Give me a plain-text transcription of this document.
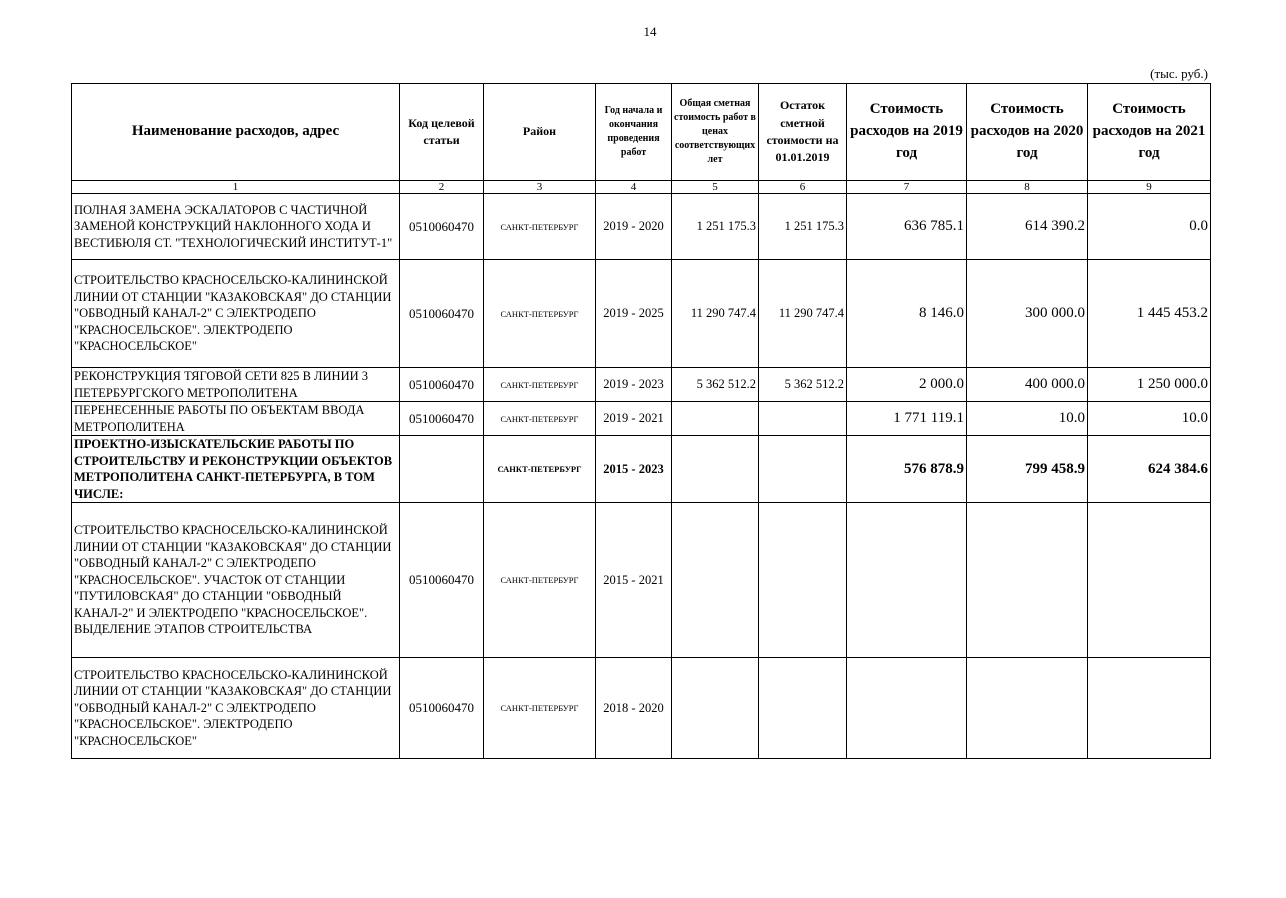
14
(тыс. руб.)
Наименование расходов, адрес	Код целевой статьи	Район	Год начала и окончания проведения работ	Общая сметная стоимость работ в ценах соответствующих лет	Остаток сметной стоимости на 01.01.2019	Стоимость расходов на 2019 год	Стоимость расходов на 2020 год	Стоимость расходов на 2021 год
1	2	3	4	5	6	7	8	9
ПОЛНАЯ ЗАМЕНА ЭСКАЛАТОРОВ С ЧАСТИЧНОЙ ЗАМЕНОЙ КОНСТРУКЦИЙ НАКЛОННОГО ХОДА И ВЕСТИБЮЛЯ СТ. "ТЕХНОЛОГИЧЕСКИЙ ИНСТИТУТ-1"	0510060470	САНКТ-ПЕТЕРБУРГ	2019 - 2020	1 251 175.3	1 251 175.3	636 785.1	614 390.2	0.0
СТРОИТЕЛЬСТВО КРАСНОСЕЛЬСКО-КАЛИНИНСКОЙ ЛИНИИ ОТ СТАНЦИИ "КАЗАКОВСКАЯ" ДО СТАНЦИИ "ОБВОДНЫЙ КАНАЛ-2" С ЭЛЕКТРОДЕПО "КРАСНОСЕЛЬСКОЕ". ЭЛЕКТРОДЕПО "КРАСНОСЕЛЬСКОЕ"	0510060470	САНКТ-ПЕТЕРБУРГ	2019 - 2025	11 290 747.4	11 290 747.4	8 146.0	300 000.0	1 445 453.2
РЕКОНСТРУКЦИЯ ТЯГОВОЙ СЕТИ 825 В ЛИНИИ 3 ПЕТЕРБУРГСКОГО МЕТРОПОЛИТЕНА	0510060470	САНКТ-ПЕТЕРБУРГ	2019 - 2023	5 362 512.2	5 362 512.2	2 000.0	400 000.0	1 250 000.0
ПЕРЕНЕСЕННЫЕ РАБОТЫ ПО ОБЪЕКТАМ ВВОДА МЕТРОПОЛИТЕНА	0510060470	САНКТ-ПЕТЕРБУРГ	2019 - 2021			1 771 119.1	10.0	10.0
ПРОЕКТНО-ИЗЫСКАТЕЛЬСКИЕ РАБОТЫ ПО СТРОИТЕЛЬСТВУ И РЕКОНСТРУКЦИИ ОБЪЕКТОВ МЕТРОПОЛИТЕНА САНКТ-ПЕТЕРБУРГА, В ТОМ ЧИСЛЕ:		САНКТ-ПЕТЕРБУРГ	2015 - 2023			576 878.9	799 458.9	624 384.6
СТРОИТЕЛЬСТВО КРАСНОСЕЛЬСКО-КАЛИНИНСКОЙ ЛИНИИ ОТ СТАНЦИИ "КАЗАКОВСКАЯ" ДО СТАНЦИИ "ОБВОДНЫЙ КАНАЛ-2" С ЭЛЕКТРОДЕПО "КРАСНОСЕЛЬСКОЕ". УЧАСТОК ОТ СТАНЦИИ "ПУТИЛОВСКАЯ" ДО СТАНЦИИ "ОБВОДНЫЙ КАНАЛ-2" И ЭЛЕКТРОДЕПО "КРАСНОСЕЛЬСКОЕ". ВЫДЕЛЕНИЕ ЭТАПОВ СТРОИТЕЛЬСТВА	0510060470	САНКТ-ПЕТЕРБУРГ	2015 - 2021					
СТРОИТЕЛЬСТВО КРАСНОСЕЛЬСКО-КАЛИНИНСКОЙ ЛИНИИ ОТ СТАНЦИИ "КАЗАКОВСКАЯ" ДО СТАНЦИИ "ОБВОДНЫЙ КАНАЛ-2" С ЭЛЕКТРОДЕПО "КРАСНОСЕЛЬСКОЕ". ЭЛЕКТРОДЕПО "КРАСНОСЕЛЬСКОЕ"	0510060470	САНКТ-ПЕТЕРБУРГ	2018 - 2020					
